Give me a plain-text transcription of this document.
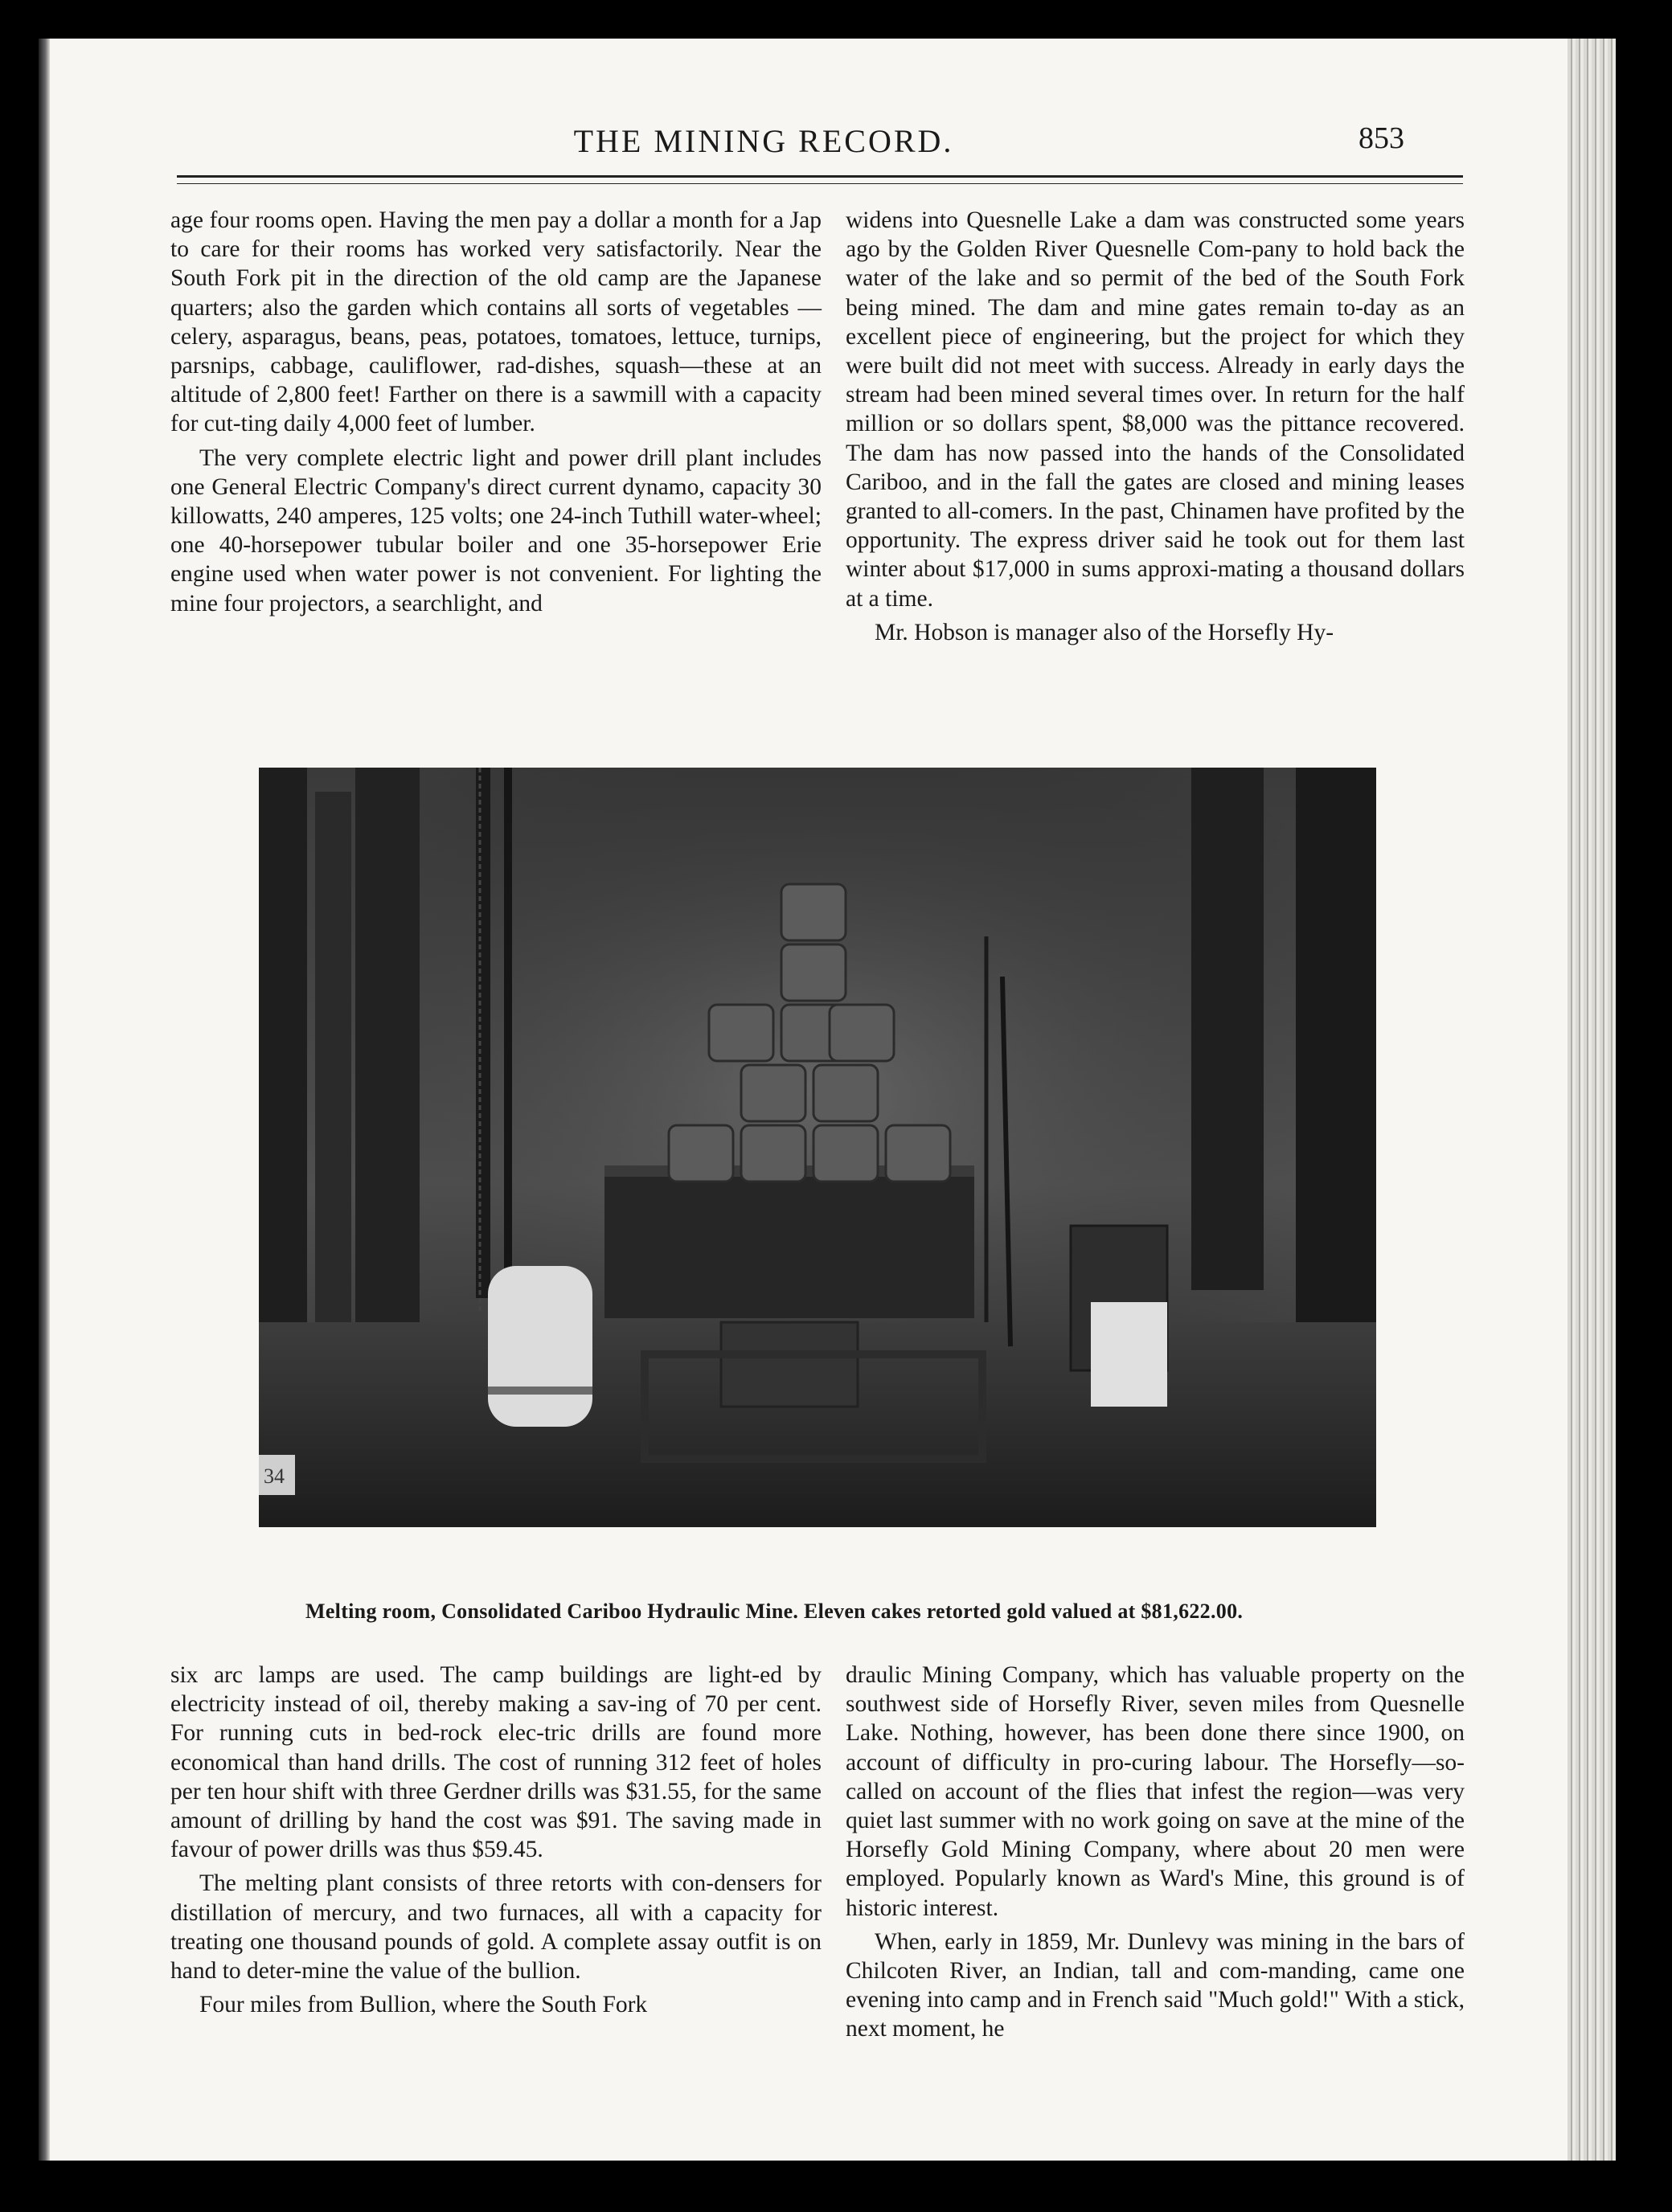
THE MINING RECORD.	853

age four rooms open. Having the men pay a dollar a month for a Jap to care for their rooms has worked very satisfactorily. Near the South Fork pit in the direction of the old camp are the Japanese quarters; also the garden which contains all sorts of vegetables —celery, asparagus, beans, peas, potatoes, tomatoes, lettuce, turnips, parsnips, cabbage, cauliflower, rad-dishes, squash—these at an altitude of 2,800 feet! Farther on there is a sawmill with a capacity for cut-ting daily 4,000 feet of lumber.

The very complete electric light and power drill plant includes one General Electric Company's direct current dynamo, capacity 30 killowatts, 240 amperes, 125 volts; one 24-inch Tuthill water-wheel; one 40-horsepower tubular boiler and one 35-horsepower Erie engine used when water power is not convenient. For lighting the mine four projectors, a searchlight, and

widens into Quesnelle Lake a dam was constructed some years ago by the Golden River Quesnelle Com-pany to hold back the water of the lake and so permit of the bed of the South Fork being mined. The dam and mine gates remain to-day as an excellent piece of engineering, but the project for which they were built did not meet with success. Already in early days the stream had been mined several times over. In return for the half million or so dollars spent, $8,000 was the pittance recovered. The dam has now passed into the hands of the Consolidated Cariboo, and in the fall the gates are closed and mining leases granted to all-comers. In the past, Chinamen have profited by the opportunity. The express driver said he took out for them last winter about $17,000 in sums approxi-mating a thousand dollars at a time.

Mr. Hobson is manager also of the Horsefly Hy-

34
Melting room, Consolidated Cariboo Hydraulic Mine. Eleven cakes retorted gold valued at $81,622.00.

six arc lamps are used. The camp buildings are light-ed by electricity instead of oil, thereby making a sav-ing of 70 per cent. For running cuts in bed-rock elec-tric drills are found more economical than hand drills. The cost of running 312 feet of holes per ten hour shift with three Gerdner drills was $31.55, for the same amount of drilling by hand the cost was $91. The saving made in favour of power drills was thus $59.45.

The melting plant consists of three retorts with con-densers for distillation of mercury, and two furnaces, all with a capacity for treating one thousand pounds of gold. A complete assay outfit is on hand to deter-mine the value of the bullion.

Four miles from Bullion, where the South Fork

draulic Mining Company, which has valuable property on the southwest side of Horsefly River, seven miles from Quesnelle Lake. Nothing, however, has been done there since 1900, on account of difficulty in pro-curing labour. The Horsefly—so-called on account of the flies that infest the region—was very quiet last summer with no work going on save at the mine of the Horsefly Gold Mining Company, where about 20 men were employed. Popularly known as Ward's Mine, this ground is of historic interest.

When, early in 1859, Mr. Dunlevy was mining in the bars of Chilcoten River, an Indian, tall and com-manding, came one evening into camp and in French said "Much gold!" With a stick, next moment, he
